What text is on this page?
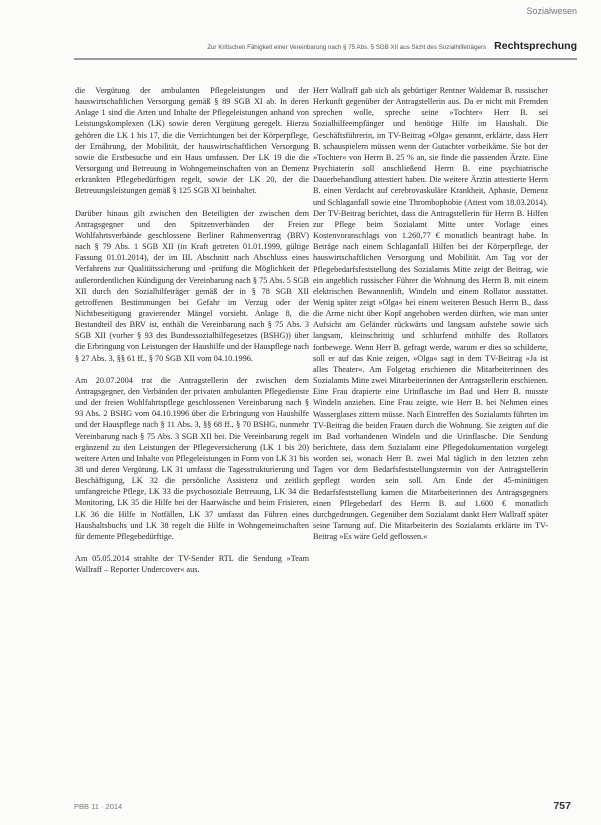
Sozialwesen
Zur Kritischen Fähigkeit einer Vereinbarung nach § 75 Abs. 5 SGB XII aus Sicht des Sozialhilfeträgers Rechtsprechung

die Vergütung der ambulanten Pflegeleistungen und der hauswirtschaftlichen Versorgung gemäß § 89 SGB XI ab. In deren Anlage 1 sind die Arten und Inhalte der Pflegeleistungen anhand von Leistungskomplexen (LK) sowie deren Vergütung geregelt. Hierzu gehören die LK 1 bis 17, die die Verrichtungen bei der Körperpflege, der Ernährung, der Mobilität, der hauswirtschaftlichen Versorgung sowie die Erstbesuche und ein Haus umfassen. Der LK 19 die die Versorgung und Betreuung in Wohngemeinschaften von an Demenz erkrankten Pflegebedürftigen regelt, sowie der LK 20, der die Betreuungsleistungen gemäß § 125 SGB XI beinhaltet.

Darüber hinaus gilt zwischen den Beteiligten der zwischen dem Antragsgegner und den Spitzenverbänden der Freien Wohlfahrtsverbände geschlossene Berliner Rahmenvertrag (BRV) nach § 79 Abs. 1 SGB XII (in Kraft getreten 01.01.1999, gültige Fassung 01.01.2014), der im III. Abschnitt nach Abschluss eines Verfahrens zur Qualitätssicherung und -prüfung die Möglichkeit der außerordentlichen Kündigung der Vereinbarung nach § 75 Abs. 5 SGB XII durch den Sozialhilfeträger gemäß der in § 78 SGB XII getroffenen Bestimmungen bei Gefahr im Verzug oder der Nichtbeseitigung gravierender Mängel vorsieht. Anlage 8, die Bestandteil des BRV ist, enthält die Vereinbarung nach § 75 Abs. 3 SGB XII (vorher § 93 des Bundessozialhilfegesetzes (BSHG)) über die Erbringung von Leistungen der Haushilfe und der Hauspflege nach § 27 Abs. 3, §§ 61 ff., § 70 SGB XII vom 04.10.1996.

Am 20.07.2004 trat die Antragstellerin der zwischen dem Antragsgegner, den Verbänden der privaten ambulanten Pflegedienste und der freien Wohlfahrtspflege geschlossenen Vereinbarung nach § 93 Abs. 2 BSHG vom 04.10.1996 über die Erbringung von Haushilfe und der Hauspflege nach § 11 Abs. 3, §§ 68 ff., § 70 BSHG, nunmehr Vereinbarung nach § 75 Abs. 3 SGB XII bei. Die Vereinbarung regelt ergänzend zu den Leistungen der Pflegeversicherung (LK 1 bis 20) weitere Arten und Inhalte von Pflegeleistungen in Form von LK 31 bis 38 und deren Vergütung. LK 31 umfasst die Tagesstrukturierung und Beschäftigung, LK 32 die persönliche Assistenz und zeitlich umfangreiche Pflege, LK 33 die psychosoziale Betreuung, LK 34 die Monitoring, LK 35 die Hilfe bei der Haarwäsche und beim Frisieren, LK 36 die Hilfe in Notfällen, LK 37 umfasst das Führen eines Haushaltsbuchs und LK 38 regelt die Hilfe in Wohngemeinschaften für demente Pflegebedürftige.

Am 05.05.2014 strahlte der TV-Sender RTL die Sendung »Team Wallraff – Reporter Undercover« aus.

Herr Wallraff gab sich als gebürtiger Rentner Waldemar B. russischer Herkunft gegenüber der Antragstellerin aus. Da er nicht mit Fremden sprechen wolle, spreche seine »Tochter« Herr B. sei Sozialhilfeempfänger und benötige Hilfe im Haushalt. Die Geschäftsführerin, im TV-Beitrag »Olga« genannt, erklärte, dass Herr B. schauspielern müssen wenn der Gutachter vorbeikäme. Sie bot der »Tochter« von Herrn B. 25 % an, sie finde die passenden Ärzte. Eine Psychiaterin soll anschließend Herrn B. eine psychiatrische Dauerbehandlung attestiert haben. Die weitere Ärztin attestierte Herrn B. einen Verdacht auf cerebrovaskuläre Krankheit, Aphasie, Demenz und Schlaganfall sowie eine Thrombophobie (Attest vom 18.03.2014). Der TV-Beitrag berichtet, dass die Antragstellerin für Herrn B. Hilfen zur Pflege beim Sozialamt Mitte unter Vorlage eines Kostenvoranschlags von 1.260,77 € monatlich beantragt habe. In Beträge nach einem Schlaganfall Hilfen bei der Körperpflege, der hauswirtschaftlichen Versorgung und Mobilität. Am Tag vor der Pflegebedarfsfeststellung des Sozialamts Mitte zeigt der Beitrag, wie ein angeblich russischer Führer die Wohnung des Herrn B. mit einem elektrischen Bewannenlift, Windeln und einem Rollator ausstattet. Wenig später zeigt »Olga« bei einem weiteren Besuch Herrn B., dass die Arme nicht über Kopf angehoben werden dürften, wie man unter Aufsicht am Geländer rückwärts und langsam aufstehe sowie sich langsam, kleinschrittig und schlurfend mithilfe des Rollators fortbewege. Wenn Herr B. gefragt werde, warum er dies so schilderte, soll er auf das Knie zeigen, »Olga« sagt in dem TV-Beitrag »Ja ist alles Theater«. Am Folgetag erschienen die Mitarbeiterinnen des Sozialamts Mitte zwei Mitarbeiterinnen der Antragstellerin erschienen. Eine Frau drapierte eine Urinflasche im Bad und Herr B. musste Windeln anziehen. Eine Frau zeigte, wie Herr B. bei Nehmen eines Wasserglases zittern müsse. Nach Eintreffen des Sozialamts führten im TV-Beitrag die beiden Frauen durch die Wohnung. Sie zeigten auf die im Bad vorhandenen Windeln und die Urinflasche. Die Sendung berichtete, dass dem Sozialamt eine Pflegedokumentation vorgelegt worden sei, wonach Herr B. zwei Mal täglich in den letzten zehn Tagen vor dem Bedarfsfeststellungstermin von der Antragstellerin gepflegt worden sein soll. Am Ende der 45-minütigen Bedarfsfeststellung kamen die Mitarbeiterinnen des Antragsgegners einen Pflegebedarf des Herrn B. auf 1.600 € monatlich durchgedrungen. Gegenüber dem Sozialamt dankt Herr Wallraff später seine Tarnung auf. Die Mitarbeiterin des Sozialamts erklärte im TV-Beitrag »Es wäre Geld geflossen.«

PBB 11 · 2014	757
